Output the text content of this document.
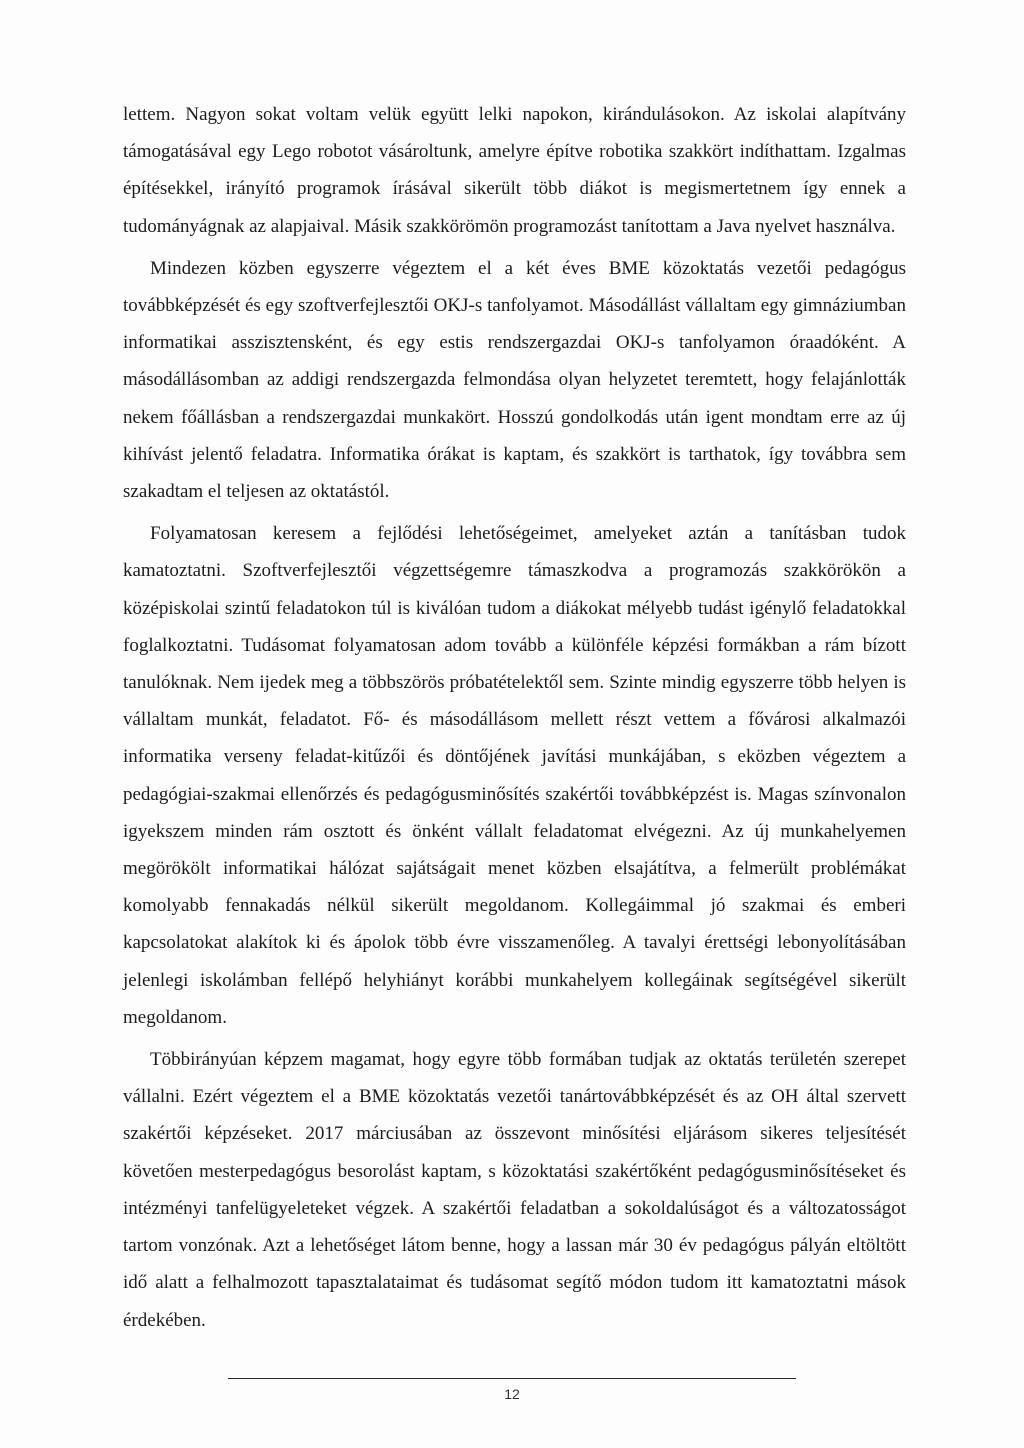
lettem. Nagyon sokat voltam velük együtt lelki napokon, kirándulásokon. Az iskolai alapítvány támogatásával egy Lego robotot vásároltunk, amelyre építve robotika szakkört indíthattam. Izgalmas építésekkel, irányító programok írásával sikerült több diákot is megismertetnem így ennek a tudományágnak az alapjaival. Másik szakkörömön programozást tanítottam a Java nyelvet használva.

Mindezen közben egyszerre végeztem el a két éves BME közoktatás vezetői pedagógus továbbképzését és egy szoftverfejlesztői OKJ-s tanfolyamot. Másodállást vállaltam egy gimnáziumban informatikai asszisztensként, és egy estis rendszergazdai OKJ-s tanfolyamon óraadóként. A másodállásomban az addigi rendszergazda felmondása olyan helyzetet teremtett, hogy felajánlották nekem főállásban a rendszergazdai munkakört. Hosszú gondolkodás után igent mondtam erre az új kihívást jelentő feladatra. Informatika órákat is kaptam, és szakkört is tarthatok, így továbbra sem szakadtam el teljesen az oktatástól.

Folyamatosan keresem a fejlődési lehetőségeimet, amelyeket aztán a tanításban tudok kamatoztatni. Szoftverfejlesztői végzettségemre támaszkodva a programozás szakkörökön a középiskolai szintű feladatokon túl is kiválóan tudom a diákokat mélyebb tudást igénylő feladatokkal foglalkoztatni. Tudásomat folyamatosan adom tovább a különféle képzési formákban a rám bízott tanulóknak. Nem ijedek meg a többszörös próbatételektől sem. Szinte mindig egyszerre több helyen is vállaltam munkát, feladatot. Fő- és másodállásom mellett részt vettem a fővárosi alkalmazói informatika verseny feladat-kitűzői és döntőjének javítási munkájában, s eközben végeztem a pedagógiai-szakmai ellenőrzés és pedagógusminősítés szakértői továbbképzést is. Magas színvonalon igyekszem minden rám osztott és önként vállalt feladatomat elvégezni. Az új munkahelyemen megörökölt informatikai hálózat sajátságait menet közben elsajátítva, a felmerült problémákat komolyabb fennakadás nélkül sikerült megoldanom. Kollegáimmal jó szakmai és emberi kapcsolatokat alakítok ki és ápolok több évre visszamenőleg. A tavalyi érettségi lebonyolításában jelenlegi iskolámban fellépő helyhiányt korábbi munkahelyem kollegáinak segítségével sikerült megoldanom.

Többirányúan képzem magamat, hogy egyre több formában tudjak az oktatás területén szerepet vállalni. Ezért végeztem el a BME közoktatás vezetői tanártovábbképzését és az OH által szervett szakértői képzéseket. 2017 márciusában az összevont minősítési eljárásom sikeres teljesítését követően mesterpedagógus besorolást kaptam, s közoktatási szakértőként pedagógusminősítéseket és intézményi tanfelügyeleteket végzek. A szakértői feladatban a sokoldalúságot és a változatosságot tartom vonzónak. Azt a lehetőséget látom benne, hogy a lassan már 30 év pedagógus pályán eltöltött idő alatt a felhalmozott tapasztalataimat és tudásomat segítő módon tudom itt kamatoztatni mások érdekében.

12
